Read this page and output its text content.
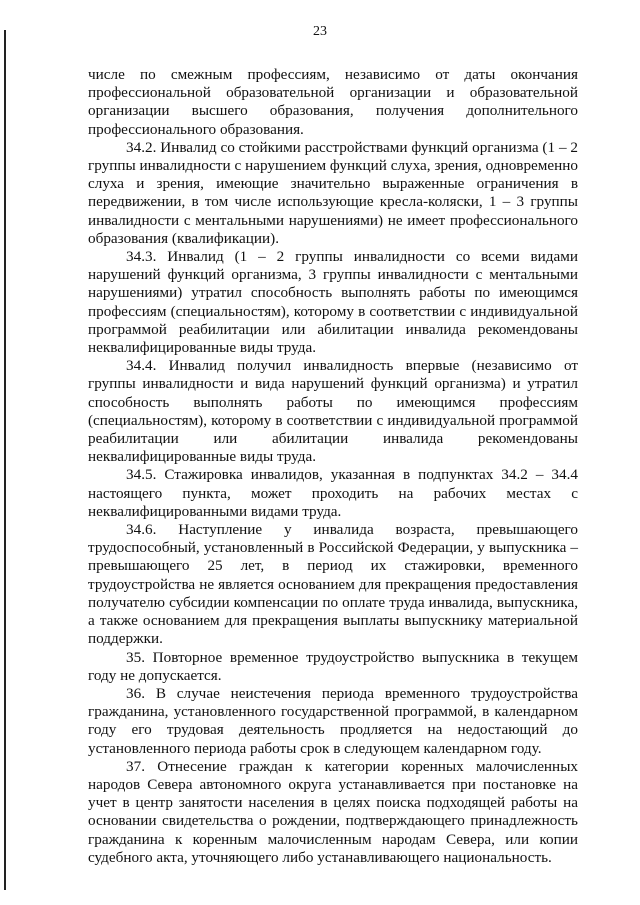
23

числе по смежным профессиям, независимо от даты окончания профессиональной образовательной организации и образовательной организации высшего образования, получения дополнительного профессионального образования.

34.2. Инвалид со стойкими расстройствами функций организма (1 – 2 группы инвалидности с нарушением функций слуха, зрения, одновременно слуха и зрения, имеющие значительно выраженные ограничения в передвижении, в том числе использующие кресла-коляски, 1 – 3 группы инвалидности с ментальными нарушениями) не имеет профессионального образования (квалификации).

34.3. Инвалид (1 – 2 группы инвалидности со всеми видами нарушений функций организма, 3 группы инвалидности с ментальными нарушениями) утратил способность выполнять работы по имеющимся профессиям (специальностям), которому в соответствии с индивидуальной программой реабилитации или абилитации инвалида рекомендованы неквалифицированные виды труда.

34.4. Инвалид получил инвалидность впервые (независимо от группы инвалидности и вида нарушений функций организма) и утратил способность выполнять работы по имеющимся профессиям (специальностям), которому в соответствии с индивидуальной программой реабилитации или абилитации инвалида рекомендованы неквалифицированные виды труда.

34.5. Стажировка инвалидов, указанная в подпунктах 34.2 – 34.4 настоящего пункта, может проходить на рабочих местах с неквалифицированными видами труда.

34.6. Наступление у инвалида возраста, превышающего трудоспособный, установленный в Российской Федерации, у выпускника – превышающего 25 лет, в период их стажировки, временного трудоустройства не является основанием для прекращения предоставления получателю субсидии компенсации по оплате труда инвалида, выпускника, а также основанием для прекращения выплаты выпускнику материальной поддержки.

35. Повторное временное трудоустройство выпускника в текущем году не допускается.

36. В случае неистечения периода временного трудоустройства гражданина, установленного государственной программой, в календарном году его трудовая деятельность продляется на недостающий до установленного периода работы срок в следующем календарном году.

37. Отнесение граждан к категории коренных малочисленных народов Севера автономного округа устанавливается при постановке на учет в центр занятости населения в целях поиска подходящей работы на основании свидетельства о рождении, подтверждающего принадлежность гражданина к коренным малочисленным народам Севера, или копии судебного акта, уточняющего либо устанавливающего национальность.
